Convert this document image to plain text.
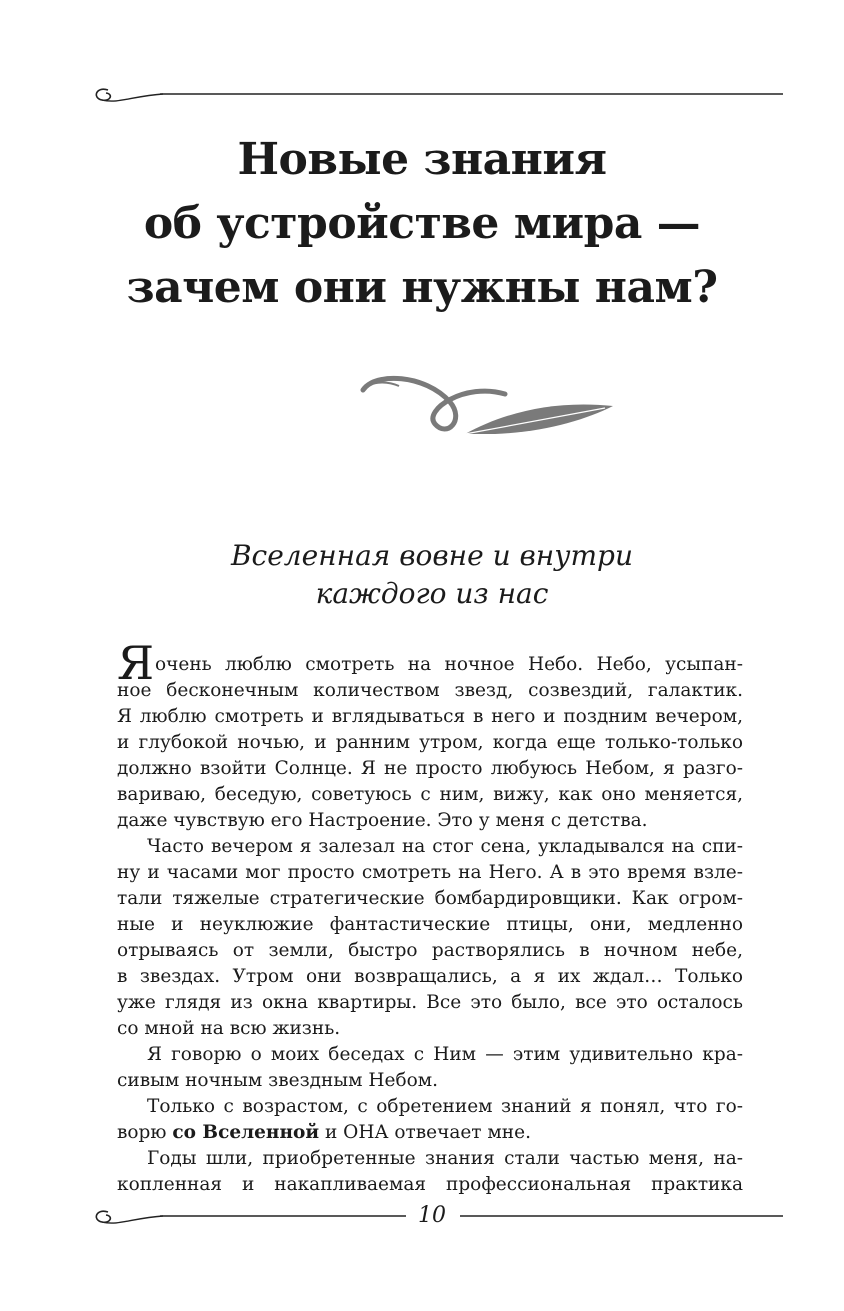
Новые знания
об устройстве мира —
зачем они нужны нам?
Вселенная вовне и внутри
каждого из нас
Я очень люблю смотреть на ночное Небо. Небо, усыпан-
ное бесконечным количеством звезд, созвездий, галактик.
Я люблю смотреть и вглядываться в него и поздним вечером,
и глубокой ночью, и ранним утром, когда еще только-только
должно взойти Солнце. Я не просто любуюсь Небом, я разго-
вариваю, беседую, советуюсь с ним, вижу, как оно меняется,
даже чувствую его Настроение. Это у меня с детства.
Часто вечером я залезал на стог сена, укладывался на спи-
ну и часами мог просто смотреть на Него. А в это время взле-
тали тяжелые стратегические бомбардировщики. Как огром-
ные и неуклюжие фантастические птицы, они, медленно
отрываясь от земли, быстро растворялись в ночном небе,
в звездах. Утром они возвращались, а я их ждал… Только
уже глядя из окна квартиры. Все это было, все это осталось
со мной на всю жизнь.
Я говорю о моих беседах с Ним — этим удивительно кра-
сивым ночным звездным Небом.
Только с возрастом, с обретением знаний я понял, что го-
ворю со Вселенной и ОНА отвечает мне.
Годы шли, приобретенные знания стали частью меня, на-
копленная и накапливаемая профессиональная практика
10
